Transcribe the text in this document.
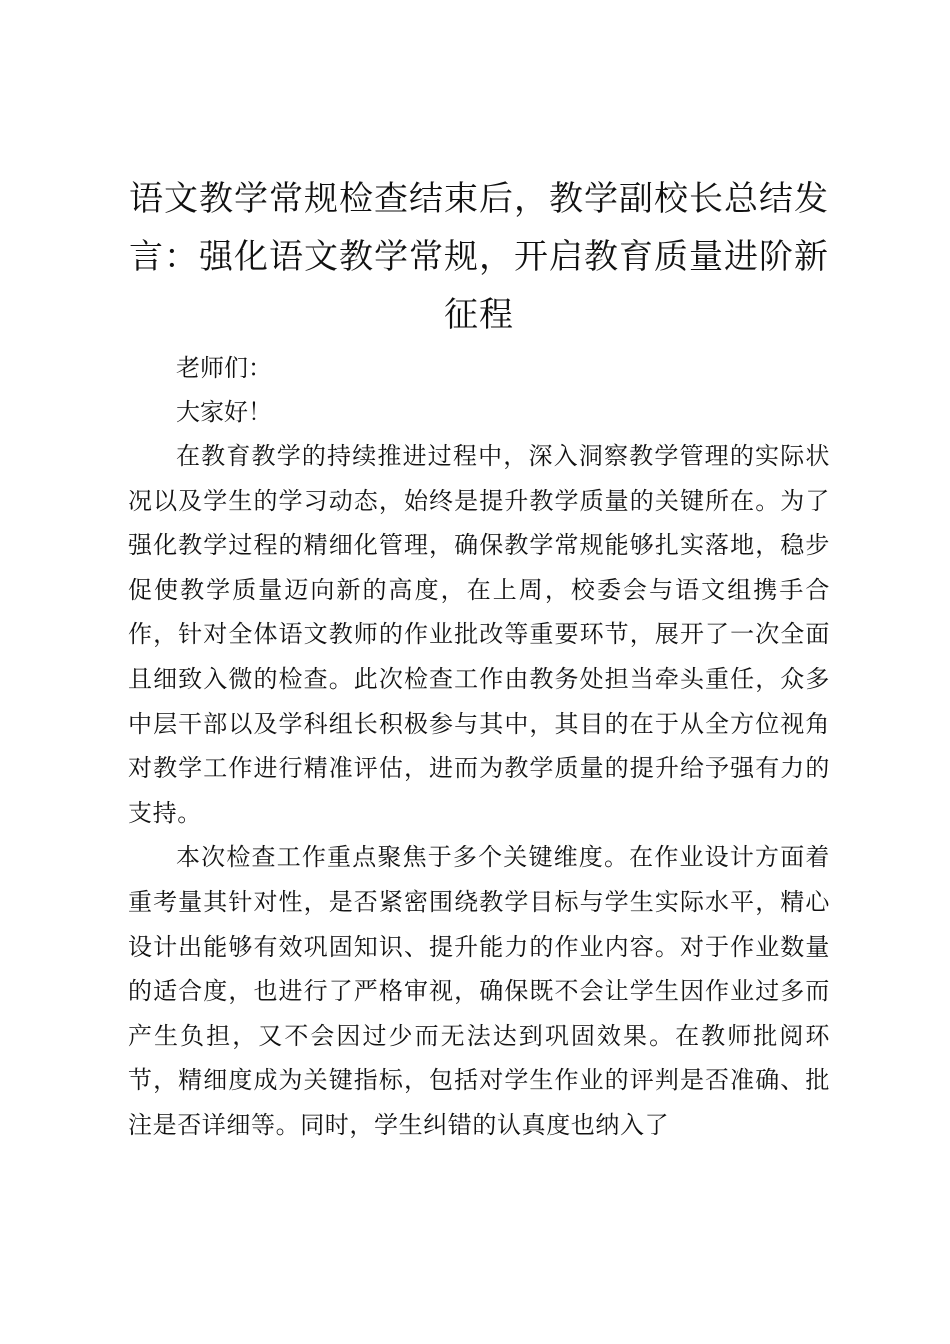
语文教学常规检查结束后，教学副校长总结发言：强化语文教学常规，开启教育质量进阶新征程

老师们：

大家好！

在教育教学的持续推进过程中，深入洞察教学管理的实际状况以及学生的学习动态，始终是提升教学质量的关键所在。为了强化教学过程的精细化管理，确保教学常规能够扎实落地，稳步促使教学质量迈向新的高度，在上周，校委会与语文组携手合作，针对全体语文教师的作业批改等重要环节，展开了一次全面且细致入微的检查。此次检查工作由教务处担当牵头重任，众多中层干部以及学科组长积极参与其中，其目的在于从全方位视角对教学工作进行精准评估，进而为教学质量的提升给予强有力的支持。

本次检查工作重点聚焦于多个关键维度。在作业设计方面着重考量其针对性，是否紧密围绕教学目标与学生实际水平，精心设计出能够有效巩固知识、提升能力的作业内容。对于作业数量的适合度，也进行了严格审视，确保既不会让学生因作业过多而产生负担，又不会因过少而无法达到巩固效果。在教师批阅环节，精细度成为关键指标，包括对学生作业的评判是否准确、批注是否详细等。同时，学生纠错的认真度也纳入了
